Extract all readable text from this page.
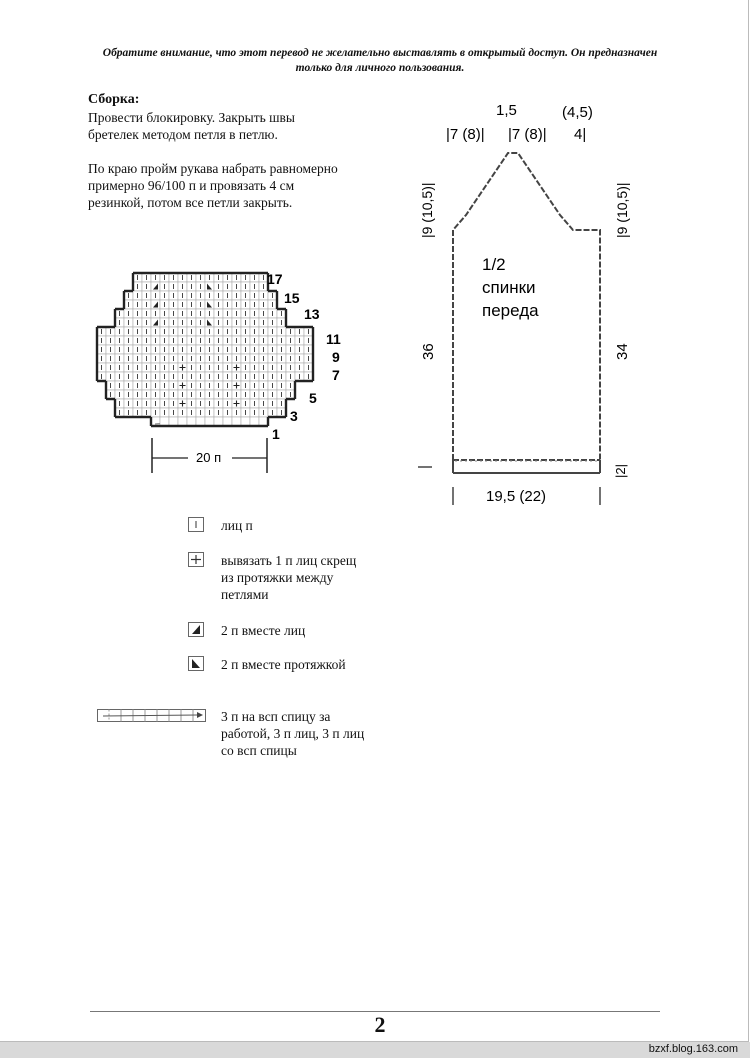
Обратите внимание, что этот перевод не желательно выставлять в открытый доступ. Он предназначен только для личного пользования.
Сборка:
Провести блокировку. Закрыть швы бретелек методом петля в петлю.
По краю пройм рукава набрать равномерно примерно 96/100 п и провязать 4 см резинкой, потом все петли закрыть.
1
3
5
7
9
11
13
15
17
20 п
лиц п
вывязать 1 п лиц скрещ из протяжки между петлями
2 п вместе лиц
2 п вместе протяжкой
3 п на вcп спицу за работой, 3 п лиц, 3 п лиц со вcп спицы
1/2
спинки
переда
1,5	(4,5)
|7 (8)| |7 (8)| 4|
|9 (10,5)|
36
|9 (10,5)|
34
|2|
19,5 (22)
2
bzxf.blog.163.com
